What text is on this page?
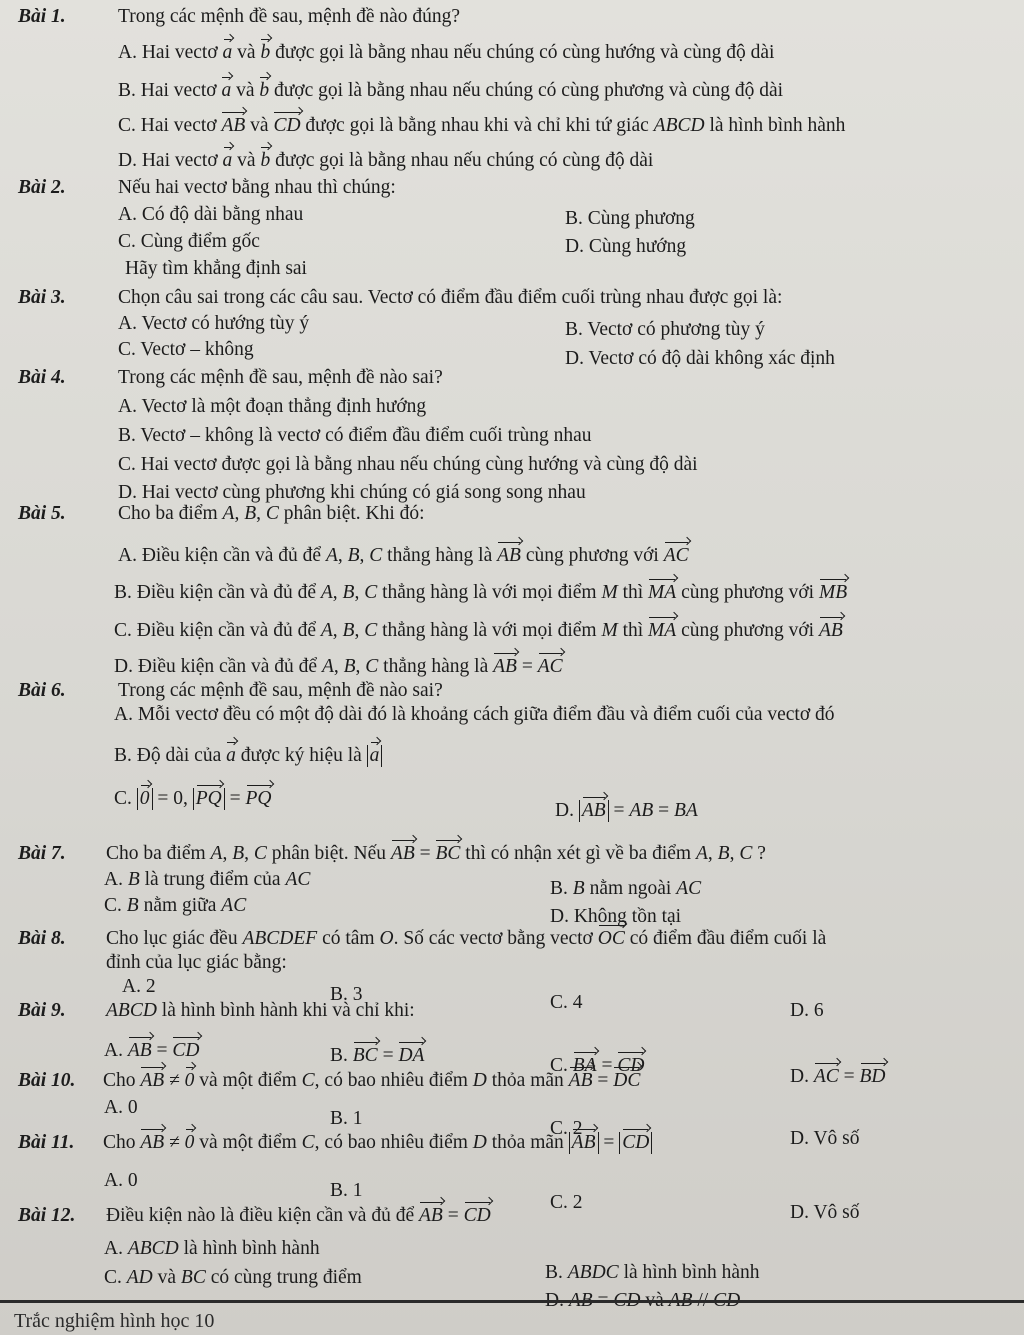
Bài 1.	Trong các mệnh đề sau, mệnh đề nào đúng?
A. Hai vectơ a và b được gọi là bằng nhau nếu chúng có cùng hướng và cùng độ dài
B. Hai vectơ a và b được gọi là bằng nhau nếu chúng có cùng phương và cùng độ dài
C. Hai vectơ AB và CD được gọi là bằng nhau khi và chỉ khi tứ giác ABCD là hình bình hành
D. Hai vectơ a và b được gọi là bằng nhau nếu chúng có cùng độ dài
Bài 2.	Nếu hai vectơ bằng nhau thì chúng:
A. Có độ dài bằng nhau	B. Cùng phương
C. Cùng điểm gốc	D. Cùng hướng
Hãy tìm khẳng định sai
Bài 3.	Chọn câu sai trong các câu sau. Vectơ có điểm đầu điểm cuối trùng nhau được gọi là:
A. Vectơ có hướng tùy ý	B. Vectơ có phương tùy ý
C. Vectơ – không	D. Vectơ có độ dài không xác định
Bài 4.	Trong các mệnh đề sau, mệnh đề nào sai?
A. Vectơ là một đoạn thẳng định hướng
B. Vectơ – không là vectơ có điểm đầu điểm cuối trùng nhau
C. Hai vectơ được gọi là bằng nhau nếu chúng cùng hướng và cùng độ dài
D. Hai vectơ cùng phương khi chúng có giá song song nhau
Bài 5.	Cho ba điểm A, B, C phân biệt. Khi đó:
A. Điều kiện cần và đủ để A, B, C thẳng hàng là AB cùng phương với AC
B. Điều kiện cần và đủ để A, B, C thẳng hàng là với mọi điểm M thì MA cùng phương với MB
C. Điều kiện cần và đủ để A, B, C thẳng hàng là với mọi điểm M thì MA cùng phương với AB
D. Điều kiện cần và đủ để A, B, C thẳng hàng là AB = AC
Bài 6.	Trong các mệnh đề sau, mệnh đề nào sai?
A. Mỗi vectơ đều có một độ dài đó là khoảng cách giữa điểm đầu và điểm cuối của vectơ đó
B. Độ dài của a được ký hiệu là a
C. 0 = 0, PQ = PQ
D. AB = AB = BA
Bài 7. Cho ba điểm A, B, C phân biệt. Nếu AB = BC thì có nhận xét gì về ba điểm A, B, C ?
A. B là trung điểm của AC	B. B nằm ngoài AC
C. B nằm giữa AC
D. Không tồn tại
Bài 8. Cho lục giác đều ABCDEF có tâm O. Số các vectơ bằng vectơ OC có điểm đầu điểm cuối là
đỉnh của lục giác bằng:
A. 2	B. 3	C. 4	D. 6
Bài 9. ABCD là hình bình hành khi và chỉ khi:
A. AB = CD	B. BC = DA	C. BA = CD
D. AC = BD
Bài 10. Cho AB ≠ 0 và một điểm C, có bao nhiêu điểm D thỏa mãn AB = DC
A. 0
B. 1	C. 2	D. Vô số
Bài 11. Cho AB ≠ 0 và một điểm C, có bao nhiêu điểm D thỏa mãn AB = CD
A. 0	B. 1
C. 2	D. Vô số
Bài 12. Điều kiện nào là điều kiện cần và đủ để AB = CD
A. ABCD là hình bình hành
B. ABDC là hình bình hành
C. AD và BC có cùng trung điểm
D. AB = CD và AB // CD
Trắc nghiệm hình học 10
